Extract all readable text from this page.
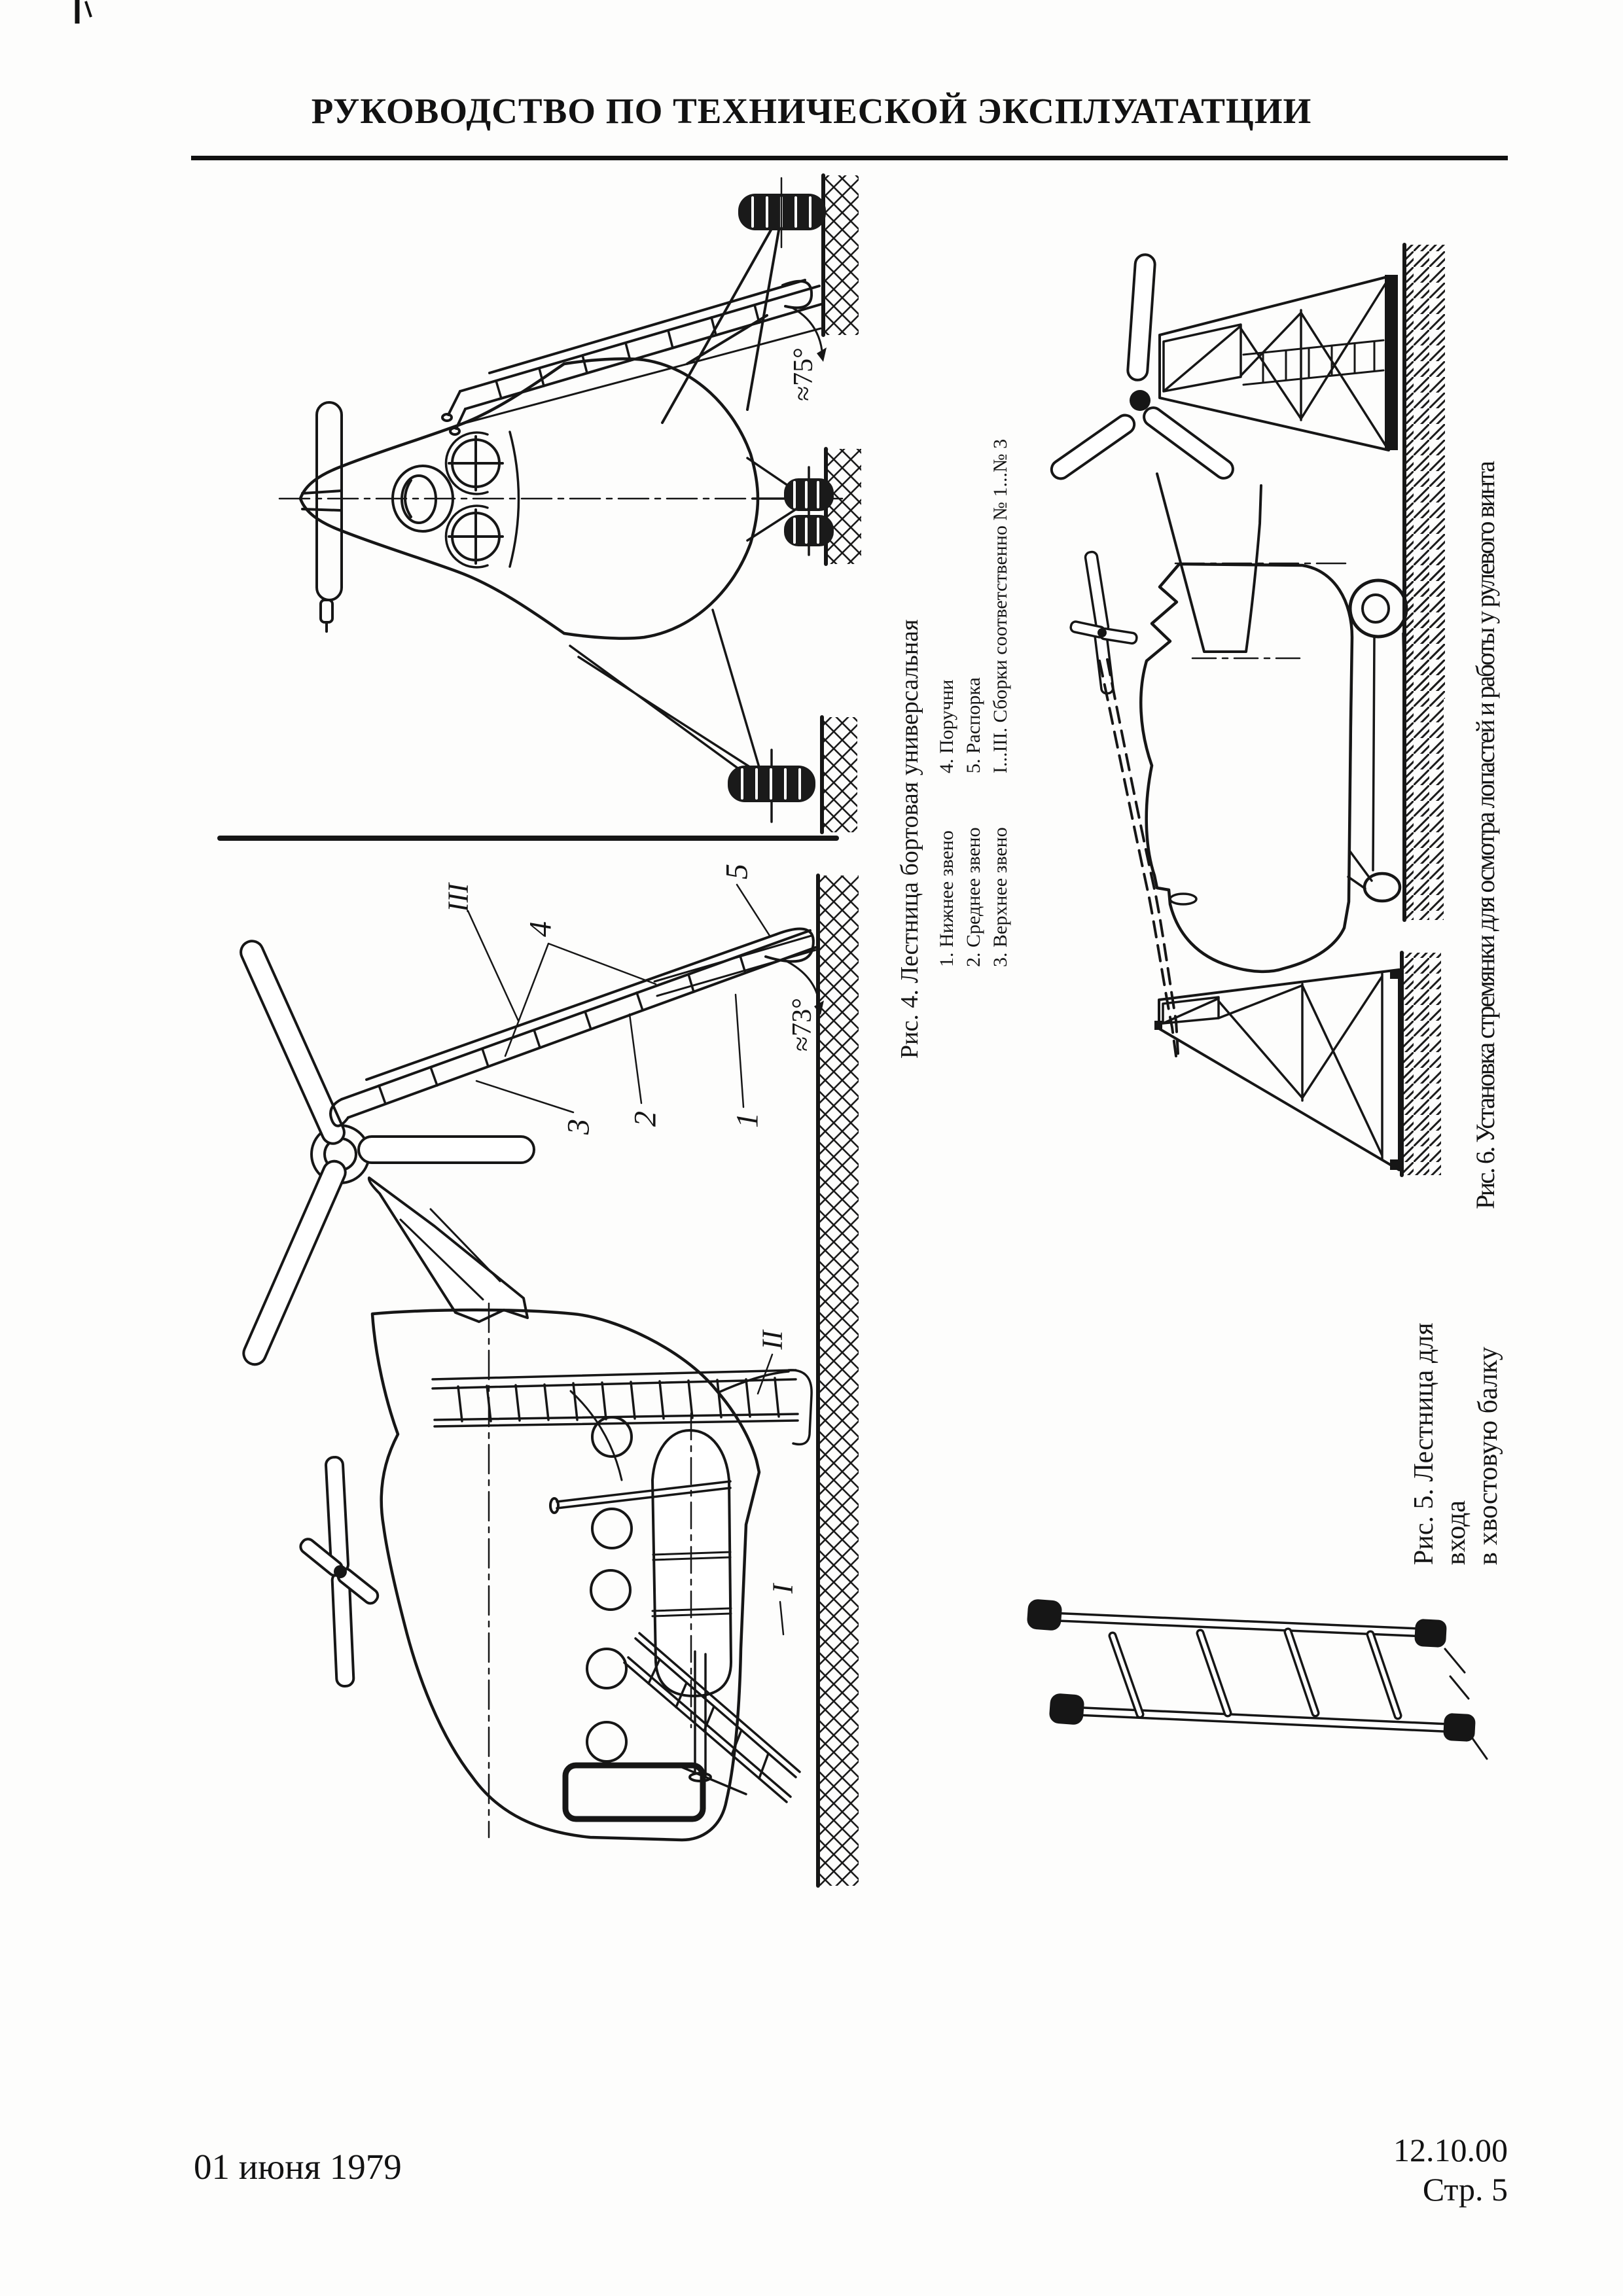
РУКОВОДСТВО ПО ТЕХНИЧЕСКОЙ ЭКСПЛУАТАТЦИИ

Рис. 4. Лестница бортовая универсальная 1. Нижнее звено 2. Среднее звено 3. Верхнее звено

4. Поручни 5. Распорка I...III. Сборки соответственно № 1...№ 3

Рис. 5. Лестница для входа в хвостовую балку

Рис. 6. Установка стремянки для осмотра лопастей и работы у рулевого винта
≈75°
≈73°
III
4
5
3 2 1
II
I
01 июня 1979	12.10.00
Стр. 5
